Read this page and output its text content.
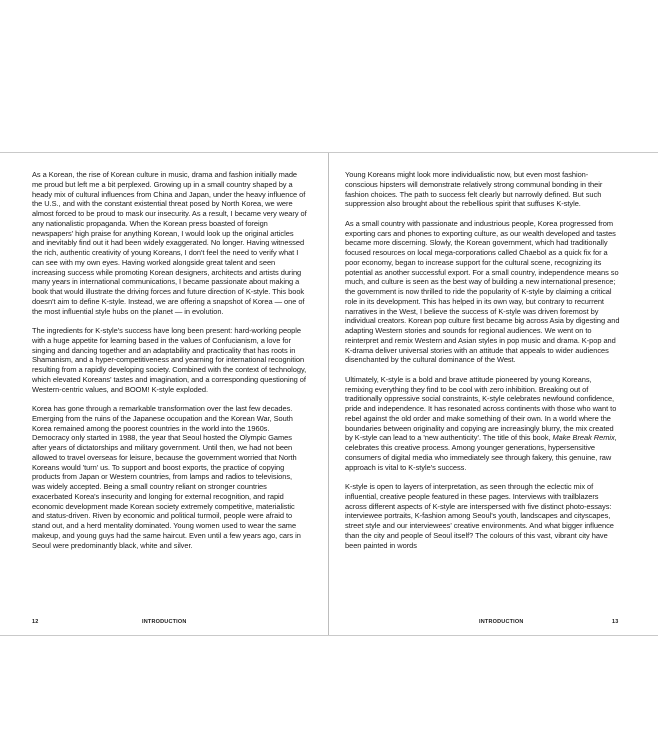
As a Korean, the rise of Korean culture in music, drama and fashion initially made me proud but left me a bit perplexed. Growing up in a small country shaped by a heady mix of cultural influences from China and Japan, under the heavy influence of the U.S., and with the constant existential threat posed by North Korea, we were almost forced to be proud to mask our insecurity. As a result, I became very weary of any nationalistic propaganda. When the Korean press boasted of foreign newspapers' high praise for anything Korean, I would look up the original articles and inevitably find out it had been widely exaggerated. No longer. Having witnessed the rich, authentic creativity of young Koreans, I don't feel the need to verify what I can see with my own eyes. Having worked alongside great talent and seen increasing success while promoting Korean designers, architects and artists during many years in international communications, I became passionate about making a book that would illustrate the driving forces and future direction of K-style. This book doesn't aim to define K-style. Instead, we are offering a snapshot of Korea — one of the most influential style hubs on the planet — in evolution.

The ingredients for K-style's success have long been present: hard-working people with a huge appetite for learning based in the values of Confucianism, a love for singing and dancing together and an adaptability and practicality that has roots in Shamanism, and a hyper-competitiveness and yearning for international recognition resulting from a rapidly developing society. Combined with the context of technology, which elevated Koreans' tastes and imagination, and a corresponding questioning of Western-centric values, and BOOM! K-style exploded.

Korea has gone through a remarkable transformation over the last few decades. Emerging from the ruins of the Japanese occupation and the Korean War, South Korea remained among the poorest countries in the world into the 1960s. Democracy only started in 1988, the year that Seoul hosted the Olympic Games after years of dictatorships and military government. Until then, we had not been allowed to travel overseas for leisure, because the government worried that North Koreans would 'turn' us. To support and boost exports, the practice of copying products from Japan or Western countries, from lamps and radios to televisions, was widely accepted. Being a small country reliant on stronger countries exacerbated Korea's insecurity and longing for external recognition, and rapid economic development made Korean society extremely competitive, materialistic and status-driven. Riven by economic and political turmoil, people were afraid to stand out, and a herd mentality dominated. Young women used to wear the same makeup, and young guys had the same haircut. Even until a few years ago, cars in Seoul were predominantly black, white and silver.

12	INTRODUCTION

Young Koreans might look more individualistic now, but even most fashion-conscious hipsters will demonstrate relatively strong communal bonding in their fashion choices. The path to success felt clearly but narrowly defined. But such suppression also brought about the rebellious spirit that suffuses K-style.

As a small country with passionate and industrious people, Korea progressed from exporting cars and phones to exporting culture, as our wealth developed and tastes became more discerning. Slowly, the Korean government, which had traditionally focused resources on local mega-corporations called Chaebol as a quick fix for a poor economy, began to increase support for the cultural scene, recognizing its potential as another successful export. For a small country, independence means so much, and culture is seen as the best way of building a new international presence; the government is now thrilled to ride the popularity of K-style by claiming a critical role in its development. This has helped in its own way, but contrary to recurrent narratives in the West, I believe the success of K-style was driven foremost by individual creators. Korean pop culture first became big across Asia by digesting and adapting Western stories and sounds for regional audiences. We went on to reinterpret and remix Western and Asian styles in pop music and drama. K-pop and K-drama deliver universal stories with an attitude that appeals to wider audiences disenchanted by the cultural dominance of the West.

Ultimately, K-style is a bold and brave attitude pioneered by young Koreans, remixing everything they find to be cool with zero inhibition. Breaking out of traditionally oppressive social constraints, K-style celebrates newfound confidence, pride and independence. It has resonated across continents with those who want to rebel against the old order and make something of their own. In a world where the boundaries between originality and copying are increasingly blurry, the mix created by K-style can lead to a 'new authenticity'. The title of this book, Make Break Remix, celebrates this creative process. Among younger generations, hypersensitive consumers of digital media who immediately see through fakery, this genuine, raw approach is vital to K-style's success.

K-style is open to layers of interpretation, as seen through the eclectic mix of influential, creative people featured in these pages. Interviews with trailblazers across different aspects of K-style are interspersed with five distinct photo-essays: interviewee portraits, K-fashion among Seoul's youth, landscapes and cityscapes, street style and our interviewees' creative environments. And what bigger influence than the city and people of Seoul itself? The colours of this vast, vibrant city have been painted in words

INTRODUCTION	13
